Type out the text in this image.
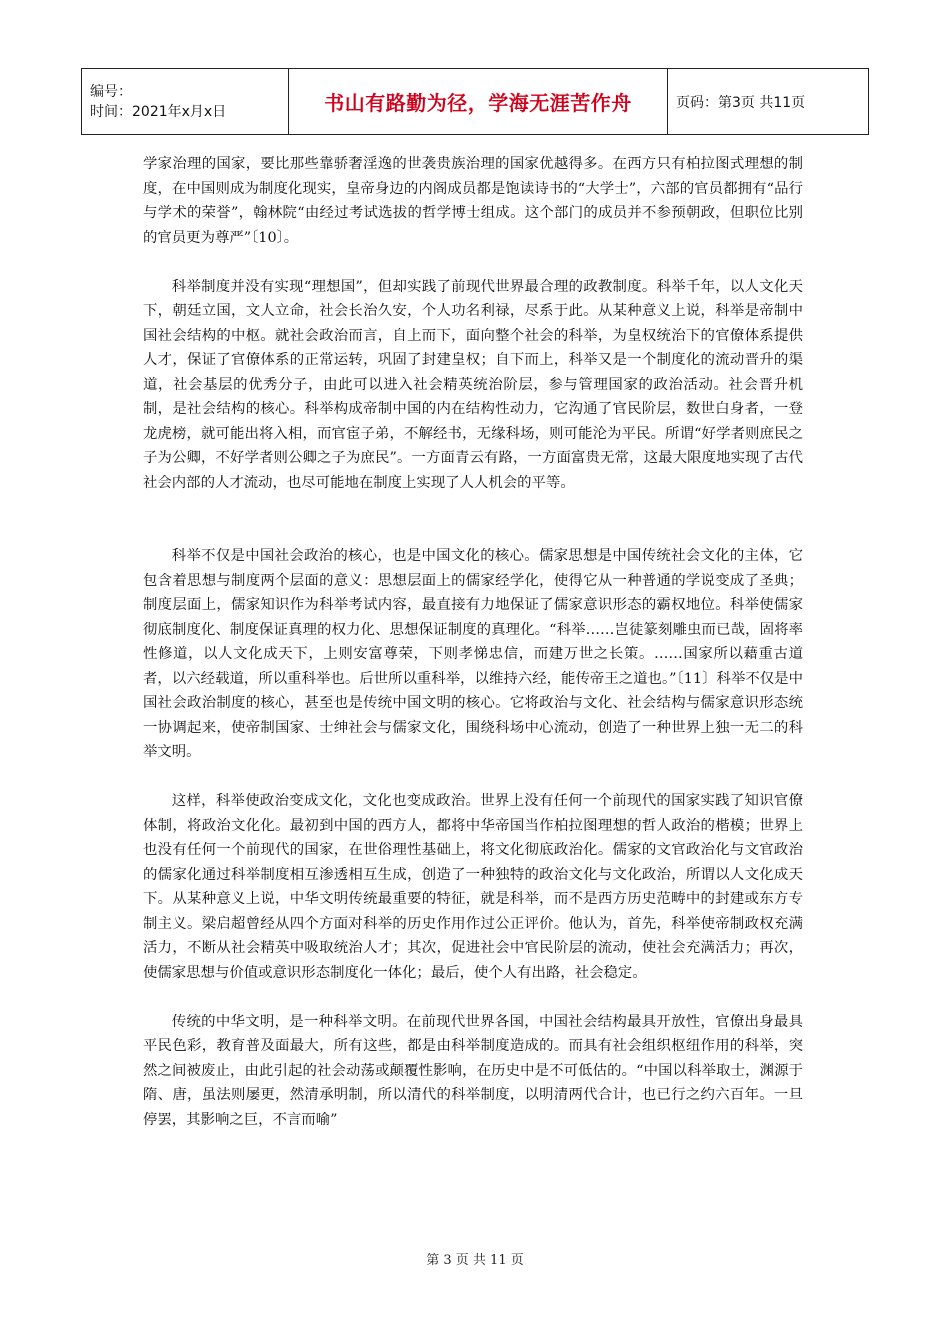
编号：
时间：2021年x月x日	书山有路勤为径，学海无涯苦作舟	页码：第3页 共11页

学家治理的国家，要比那些靠骄奢淫逸的世袭贵族治理的国家优越得多。在西方只有柏拉图式理想的制度，在中国则成为制度化现实，皇帝身边的内阁成员都是饱读诗书的“大学士”，六部的官员都拥有“品行与学术的荣誉”，翰林院“由经过考试选拔的哲学博士组成。这个部门的成员并不参预朝政，但职位比别的官员更为尊严”〔10〕。

科举制度并没有实现“理想国”，但却实践了前现代世界最合理的政教制度。科举千年，以人文化天下，朝廷立国，文人立命，社会长治久安，个人功名利禄，尽系于此。从某种意义上说，科举是帝制中国社会结构的中枢。就社会政治而言，自上而下，面向整个社会的科举，为皇权统治下的官僚体系提供人才，保证了官僚体系的正常运转，巩固了封建皇权；自下而上，科举又是一个制度化的流动晋升的渠道，社会基层的优秀分子，由此可以进入社会精英统治阶层，参与管理国家的政治活动。社会晋升机制，是社会结构的核心。科举构成帝制中国的内在结构性动力，它沟通了官民阶层，数世白身者，一登龙虎榜，就可能出将入相，而官宦子弟，不解经书，无缘科场，则可能沦为平民。所谓“好学者则庶民之子为公卿，不好学者则公卿之子为庶民”。一方面青云有路，一方面富贵无常，这最大限度地实现了古代社会内部的人才流动，也尽可能地在制度上实现了人人机会的平等。

科举不仅是中国社会政治的核心，也是中国文化的核心。儒家思想是中国传统社会文化的主体，它包含着思想与制度两个层面的意义：思想层面上的儒家经学化，使得它从一种普通的学说变成了圣典；制度层面上，儒家知识作为科举考试内容，最直接有力地保证了儒家意识形态的霸权地位。科举使儒家彻底制度化、制度保证真理的权力化、思想保证制度的真理化。“科举……岂徒篆刻雕虫而已哉，固将率性修道，以人文化成天下，上则安富尊荣，下则孝悌忠信，而建万世之长策。……国家所以藉重古道者，以六经载道，所以重科举也。后世所以重科举，以维持六经，能传帝王之道也。”〔11〕科举不仅是中国社会政治制度的核心，甚至也是传统中国文明的核心。它将政治与文化、社会结构与儒家意识形态统一协调起来，使帝制国家、士绅社会与儒家文化，围绕科场中心流动，创造了一种世界上独一无二的科举文明。

这样，科举使政治变成文化，文化也变成政治。世界上没有任何一个前现代的国家实践了知识官僚体制，将政治文化化。最初到中国的西方人，都将中华帝国当作柏拉图理想的哲人政治的楷模；世界上也没有任何一个前现代的国家，在世俗理性基础上，将文化彻底政治化。儒家的文官政治化与文官政治的儒家化通过科举制度相互渗透相互生成，创造了一种独特的政治文化与文化政治，所谓以人文化成天下。从某种意义上说，中华文明传统最重要的特征，就是科举，而不是西方历史范畴中的封建或东方专制主义。梁启超曾经从四个方面对科举的历史作用作过公正评价。他认为，首先，科举使帝制政权充满活力，不断从社会精英中吸取统治人才；其次，促进社会中官民阶层的流动，使社会充满活力；再次，使儒家思想与价值或意识形态制度化一体化；最后，使个人有出路，社会稳定。

传统的中华文明，是一种科举文明。在前现代世界各国，中国社会结构最具开放性，官僚出身最具平民色彩，教育普及面最大，所有这些，都是由科举制度造成的。而具有社会组织枢纽作用的科举，突然之间被废止，由此引起的社会动荡或颠覆性影响，在历史中是不可低估的。“中国以科举取士，渊源于隋、唐，虽法则屡更，然清承明制，所以清代的科举制度，以明清两代合计，也已行之约六百年。一旦停罢，其影响之巨，不言而喻”

第 3 页 共 11 页
